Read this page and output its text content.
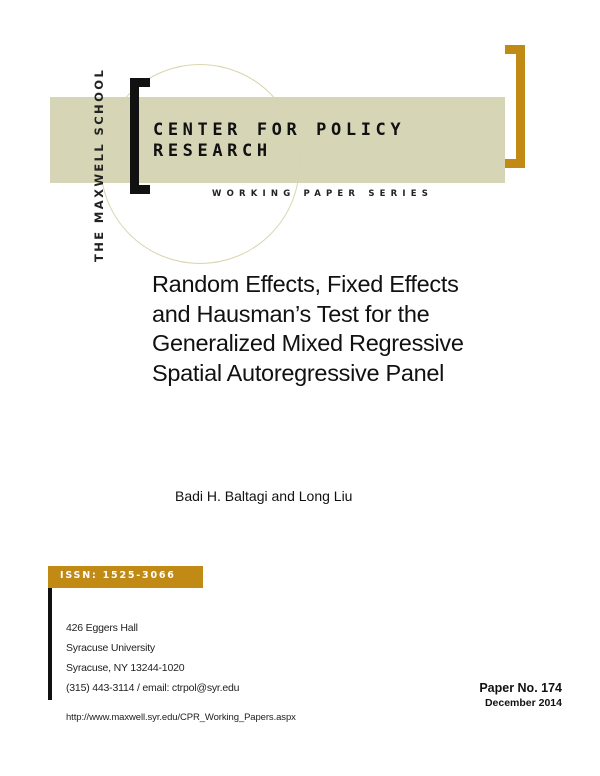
THE MAXWELL SCHOOL	CENTER FOR POLICY
RESEARCH
WORKING PAPER SERIES
Random Effects, Fixed Effects
and Hausman’s Test for the
Generalized Mixed Regressive
Spatial Autoregressive Panel
Badi H. Baltagi and Long Liu
ISSN: 1525-3066
426 Eggers Hall
Syracuse University
Syracuse, NY 13244-1020
(315) 443-3114 / email: ctrpol@syr.edu	Paper No. 174
December 2014
http://www.maxwell.syr.edu/CPR_Working_Papers.aspx
